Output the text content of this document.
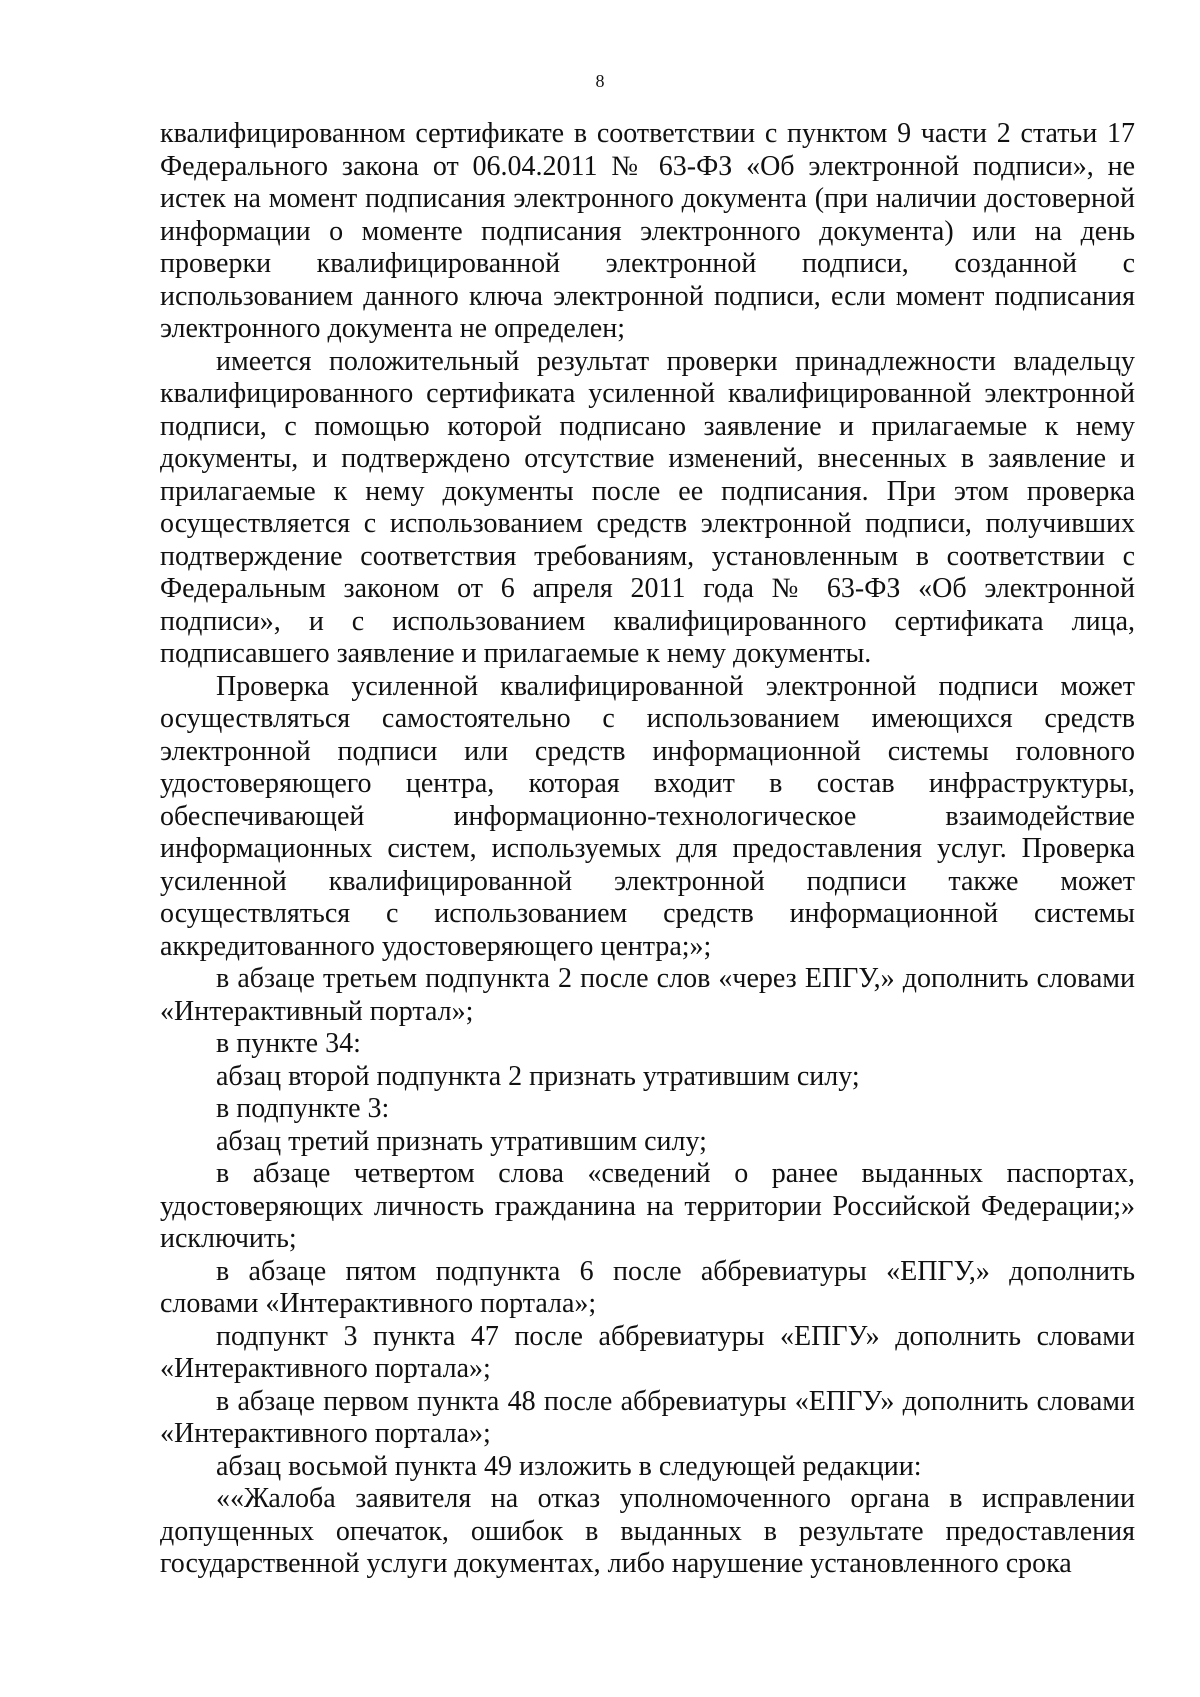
8

квалифицированном сертификате в соответствии с пунктом 9 части 2 статьи 17 Федерального закона от 06.04.2011 № 63-ФЗ «Об электронной подписи», не истек на момент подписания электронного документа (при наличии достоверной информации о моменте подписания электронного документа) или на день проверки квалифицированной электронной подписи, созданной с использованием данного ключа электронной подписи, если момент подписания электронного документа не определен;

имеется положительный результат проверки принадлежности владельцу квалифицированного сертификата усиленной квалифицированной электронной подписи, с помощью которой подписано заявление и прилагаемые к нему документы, и подтверждено отсутствие изменений, внесенных в заявление и прилагаемые к нему документы после ее подписания. При этом проверка осуществляется с использованием средств электронной подписи, получивших подтверждение соответствия требованиям, установленным в соответствии с Федеральным законом от 6 апреля 2011 года № 63-ФЗ «Об электронной подписи», и с использованием квалифицированного сертификата лица, подписавшего заявление и прилагаемые к нему документы.

Проверка усиленной квалифицированной электронной подписи может осуществляться самостоятельно с использованием имеющихся средств электронной подписи или средств информационной системы головного удостоверяющего центра, которая входит в состав инфраструктуры, обеспечивающей информационно-технологическое взаимодействие информационных систем, используемых для предоставления услуг. Проверка усиленной квалифицированной электронной подписи также может осуществляться с использованием средств информационной системы аккредитованного удостоверяющего центра;»;

в абзаце третьем подпункта 2 после слов «через ЕПГУ,» дополнить словами «Интерактивный портал»;

в пункте 34:

абзац второй подпункта 2 признать утратившим силу;

в подпункте 3:

абзац третий признать утратившим силу;

в абзаце четвертом слова «сведений о ранее выданных паспортах, удостоверяющих личность гражданина на территории Российской Федерации;» исключить;

в абзаце пятом подпункта 6 после аббревиатуры «ЕПГУ,» дополнить словами «Интерактивного портала»;

подпункт 3 пункта 47 после аббревиатуры «ЕПГУ» дополнить словами «Интерактивного портала»;

в абзаце первом пункта 48 после аббревиатуры «ЕПГУ» дополнить словами «Интерактивного портала»;

абзац восьмой пункта 49 изложить в следующей редакции:

««Жалоба заявителя на отказ уполномоченного органа в исправлении допущенных опечаток, ошибок в выданных в результате предоставления государственной услуги документах, либо нарушение установленного срока
